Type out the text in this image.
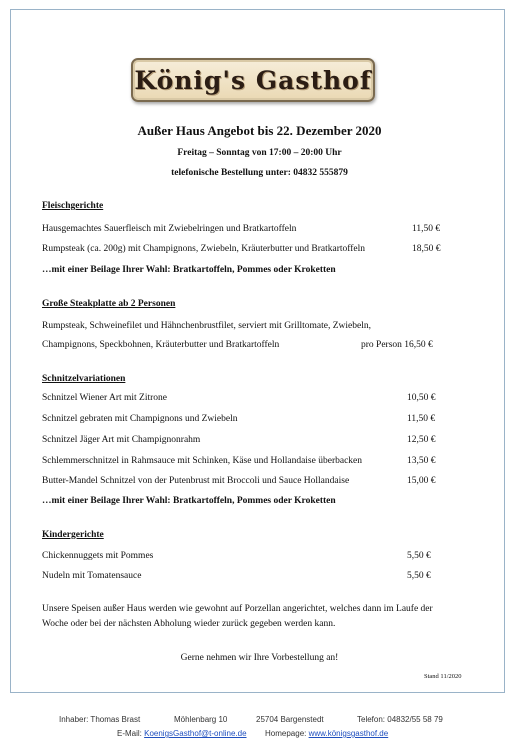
König's Gasthof
Außer Haus Angebot bis 22. Dezember 2020
Freitag – Sonntag von 17:00 – 20:00 Uhr
telefonische Bestellung unter: 04832 555879
Fleischgerichte
Hausgemachtes Sauerfleisch mit Zwiebelringen und Bratkartoffeln	11,50 €
Rumpsteak (ca. 200g) mit Champignons, Zwiebeln, Kräuterbutter und Bratkartoffeln	18,50 €
…mit einer Beilage Ihrer Wahl: Bratkartoffeln, Pommes oder Kroketten
Große Steakplatte ab 2 Personen
Rumpsteak, Schweinefilet und Hähnchenbrustfilet, serviert mit Grilltomate, Zwiebeln,
Champignons, Speckbohnen, Kräuterbutter und Bratkartoffeln	pro Person 16,50 €
Schnitzelvariationen
Schnitzel Wiener Art mit Zitrone	10,50 €
Schnitzel gebraten mit Champignons und Zwiebeln	11,50 €
Schnitzel Jäger Art mit Champignonrahm	12,50 €
Schlemmerschnitzel in Rahmsauce mit Schinken, Käse und Hollandaise überbacken	13,50 €
Butter-Mandel Schnitzel von der Putenbrust mit Broccoli und Sauce Hollandaise	15,00 €
…mit einer Beilage Ihrer Wahl: Bratkartoffeln, Pommes oder Kroketten
Kindergerichte
Chickennuggets mit Pommes	5,50 €
Nudeln mit Tomatensauce	5,50 €
Unsere Speisen außer Haus werden wie gewohnt auf Porzellan angerichtet, welches dann im Laufe der
Woche oder bei der nächsten Abholung wieder zurück gegeben werden kann.
Gerne nehmen wir Ihre Vorbestellung an!
Stand 11/2020
Inhaber: Thomas Brast	Möhlenbarg 10	25704 Bargenstedt	Telefon: 04832/55 58 79
E-Mail: KoenigsGasthof@t-online.de Homepage: www.königsgasthof.de
